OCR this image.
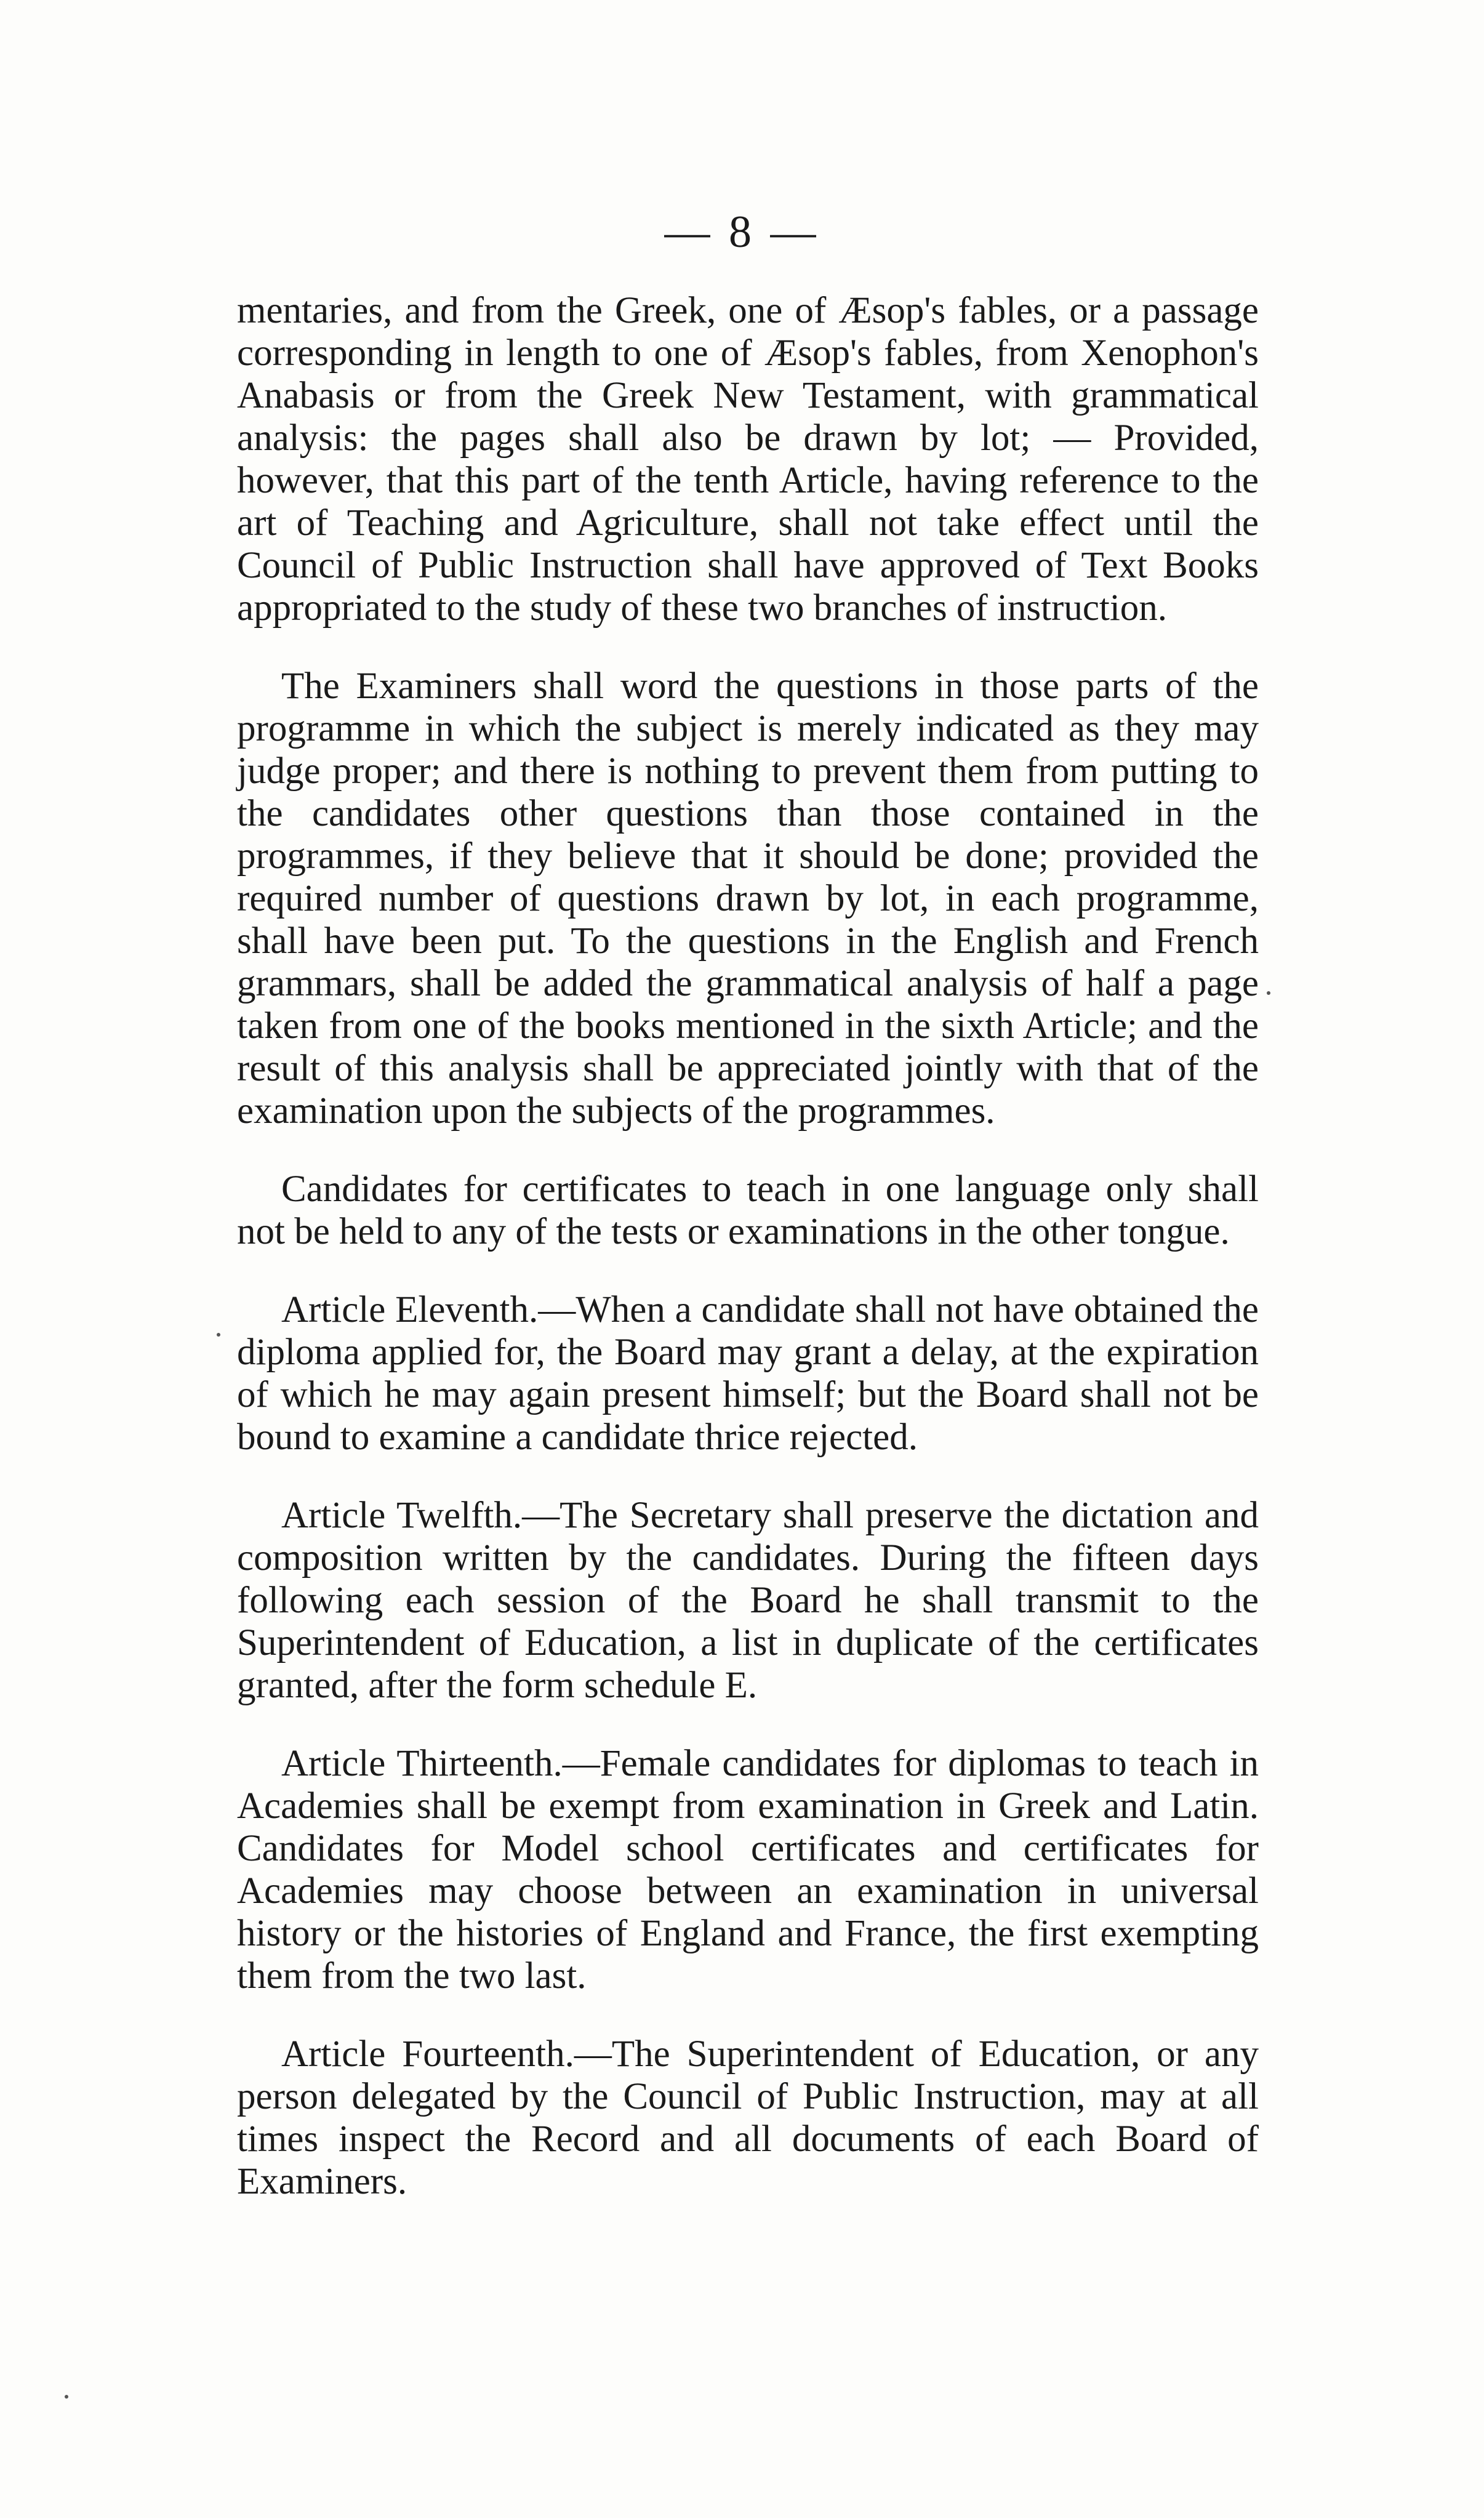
— 8 —

mentaries, and from the Greek, one of Æsop's fables, or a passage corresponding in length to one of Æsop's fables, from Xenophon's Anabasis or from the Greek New Testament, with grammatical analysis: the pages shall also be drawn by lot; — Provided, however, that this part of the tenth Article, having reference to the art of Teaching and Agriculture, shall not take effect until the Council of Public Instruction shall have approved of Text Books appropriated to the study of these two branches of instruction.

The Examiners shall word the questions in those parts of the programme in which the subject is merely indicated as they may judge proper; and there is nothing to prevent them from putting to the candidates other questions than those contained in the programmes, if they believe that it should be done; provided the required number of questions drawn by lot, in each programme, shall have been put. To the questions in the English and French grammars, shall be added the grammatical analysis of half a page taken from one of the books mentioned in the sixth Article; and the result of this analysis shall be appreciated jointly with that of the examination upon the subjects of the programmes.

Candidates for certificates to teach in one language only shall not be held to any of the tests or examinations in the other tongue.

Article Eleventh.—When a candidate shall not have obtained the diploma applied for, the Board may grant a delay, at the expiration of which he may again present himself; but the Board shall not be bound to examine a candidate thrice rejected.

Article Twelfth.—The Secretary shall preserve the dictation and composition written by the candidates. During the fifteen days following each session of the Board he shall transmit to the Superintendent of Education, a list in duplicate of the certificates granted, after the form schedule E.

Article Thirteenth.—Female candidates for diplomas to teach in Academies shall be exempt from examination in Greek and Latin. Candidates for Model school certificates and certificates for Academies may choose between an examination in universal history or the histories of England and France, the first exempting them from the two last.

Article Fourteenth.—The Superintendent of Education, or any person delegated by the Council of Public Instruction, may at all times inspect the Record and all documents of each Board of Examiners.
